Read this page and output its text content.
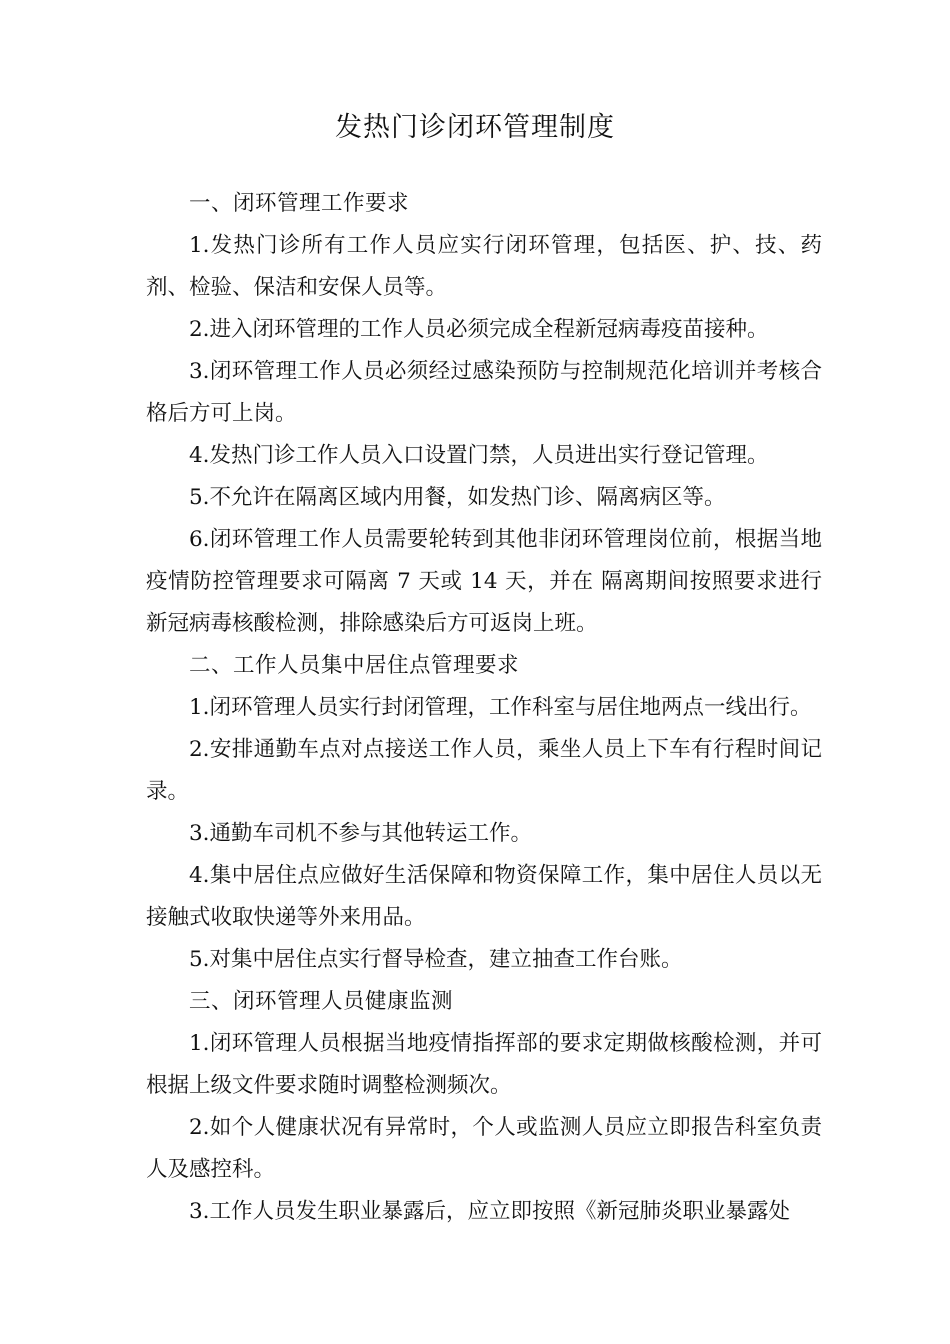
发热门诊闭环管理制度

一、闭环管理工作要求

1.发热门诊所有工作人员应实行闭环管理，包括医、护、技、药剂、检验、保洁和安保人员等。

2.进入闭环管理的工作人员必须完成全程新冠病毒疫苗接种。

3.闭环管理工作人员必须经过感染预防与控制规范化培训并考核合格后方可上岗。

4.发热门诊工作人员入口设置门禁，人员进出实行登记管理。

5.不允许在隔离区域内用餐，如发热门诊、隔离病区等。

6.闭环管理工作人员需要轮转到其他非闭环管理岗位前，根据当地疫情防控管理要求可隔离 7 天或 14 天，并在 隔离期间按照要求进行新冠病毒核酸检测，排除感染后方可返岗上班。

二、工作人员集中居住点管理要求

1.闭环管理人员实行封闭管理，工作科室与居住地两点一线出行。

2.安排通勤车点对点接送工作人员，乘坐人员上下车有行程时间记录。

3.通勤车司机不参与其他转运工作。

4.集中居住点应做好生活保障和物资保障工作，集中居住人员以无接触式收取快递等外来用品。

5.对集中居住点实行督导检查，建立抽查工作台账。

三、闭环管理人员健康监测

1.闭环管理人员根据当地疫情指挥部的要求定期做核酸检测，并可根据上级文件要求随时调整检测频次。

2.如个人健康状况有异常时，个人或监测人员应立即报告科室负责人及感控科。

3.工作人员发生职业暴露后，应立即按照《新冠肺炎职业暴露处
